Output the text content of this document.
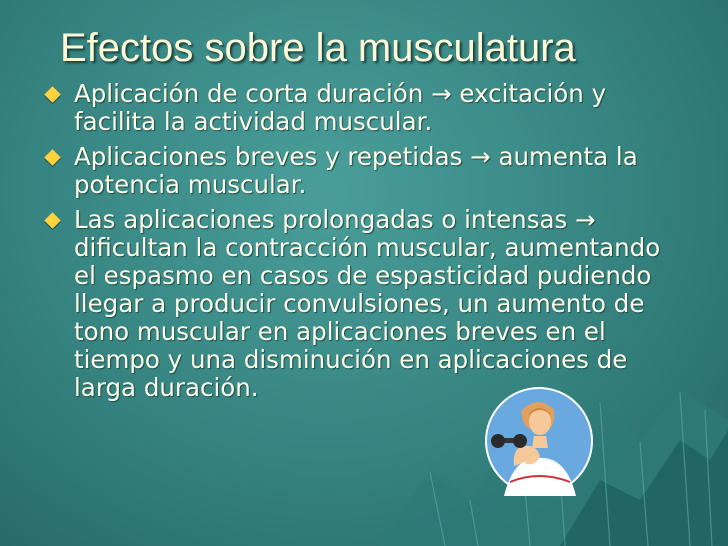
Efectos sobre la musculatura
Aplicación de corta duración → excitación y facilita la actividad muscular.
Aplicaciones breves y repetidas → aumenta la potencia muscular.
Las aplicaciones prolongadas o intensas → dificultan la contracción muscular, aumentando el espasmo en casos de espasticidad pudiendo llegar a producir convulsiones, un aumento de tono muscular en aplicaciones breves en el tiempo y una disminución en aplicaciones de larga duración.
